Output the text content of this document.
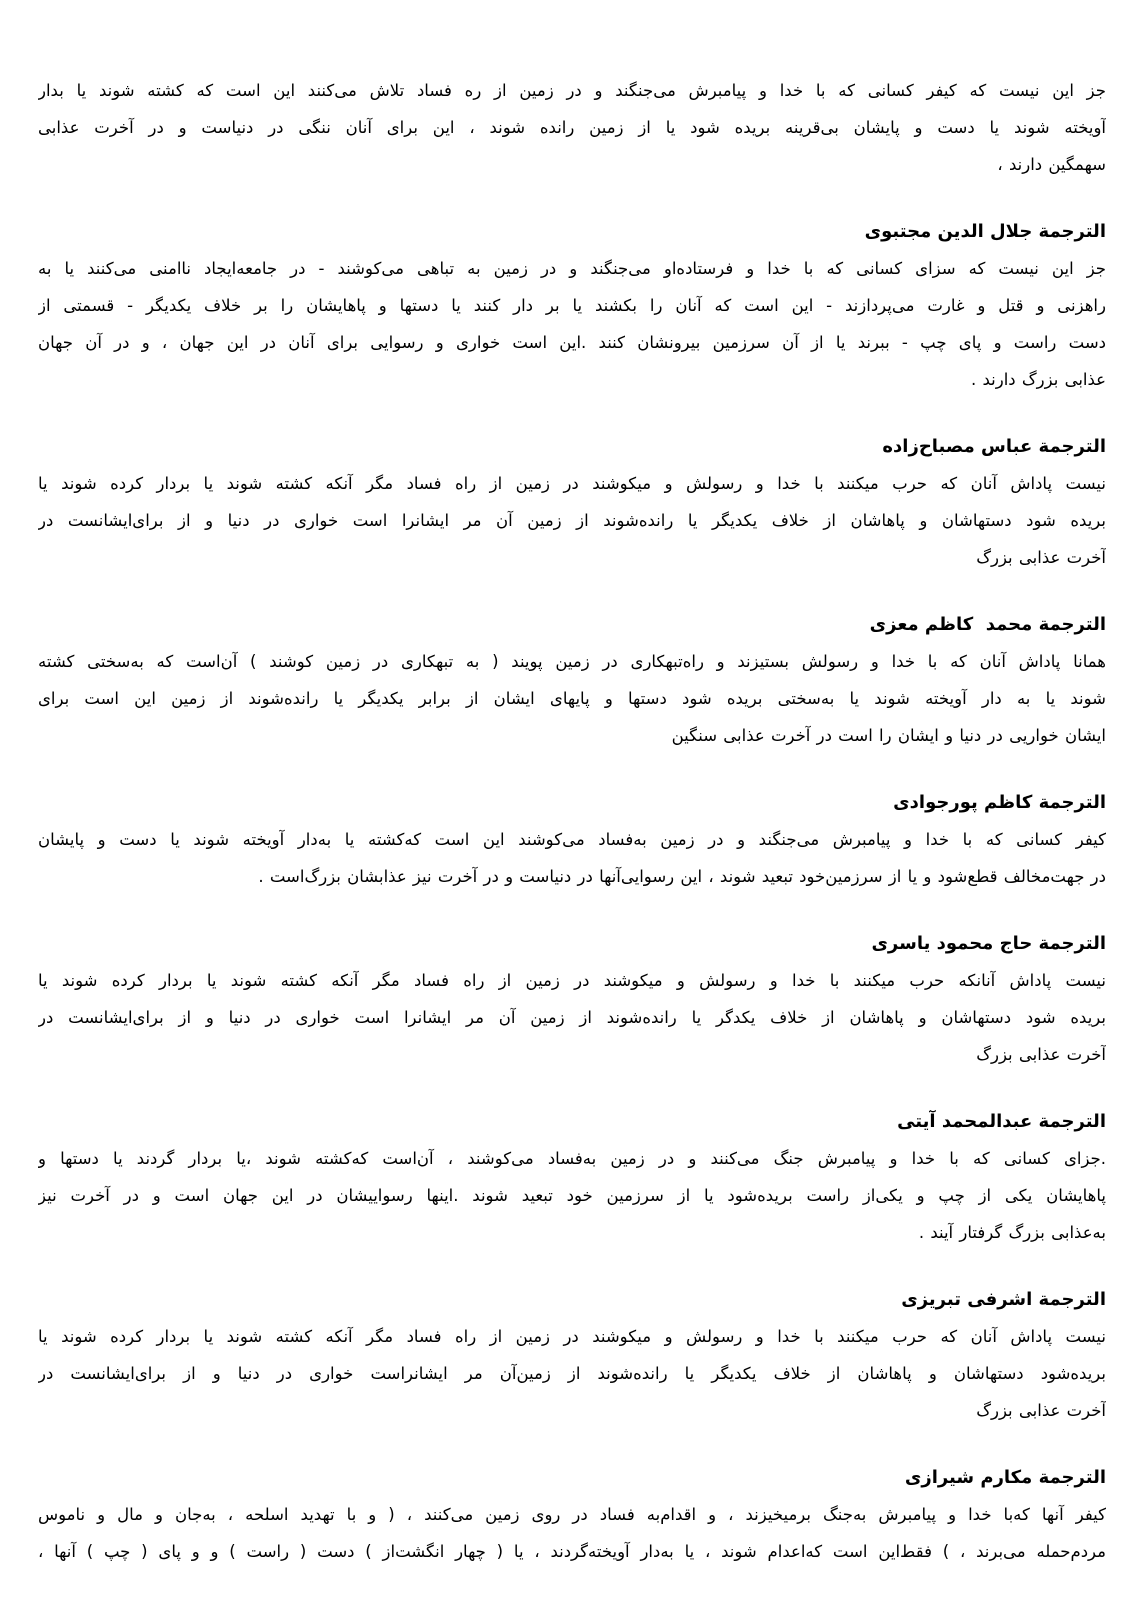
جز این نیست که کیفر کسانی که با خدا و پیامبرش می‌جنگند و در زمین از ره فساد تلاش می‌کنند این است که کشته شوند یا بدار
آویخته شوند یا دست و پایشان بی‌قرینه بریده شود یا از زمین رانده شوند ، این برای آنان ننگی در دنیاست و در آخرت عذابی
سهمگین دارند ،
الترجمة جلال الدین مجتبوی
جز این نیست که سزای کسانی که با خدا و فرستاده‌او می‌جنگند و در زمین به تباهی می‌کوشند - در جامعه‌ایجاد ناامنی می‌کنند یا به
راهزنی و قتل و غارت می‌پردازند - این است که آنان را بکشند یا بر دار کنند یا دستها و پاهایشان را بر خلاف یکدیگر - قسمتی از
دست راست و پای چپ - ببرند یا از آن سرزمین بیرونشان کنند .این است خواری و رسوایی برای آنان در این جهان ، و در آن جهان
عذابی بزرگ دارند .
الترجمة عباس مصباح‌زاده
نیست پاداش آنان که حرب میکنند با خدا و رسولش و میکوشند در زمین از راه فساد مگر آنکه کشته شوند یا بردار کرده شوند یا
بریده شود دستهاشان و پاهاشان از خلاف یکدیگر یا رانده‌شوند از زمین آن مر ایشانرا است خواری در دنیا و از برای‌ایشانست در
آخرت عذابی بزرگ
الترجمة محمد  کاظم معزی
همانا پاداش آنان که با خدا و رسولش بستیزند و راه‌تبهکاری در زمین پویند ( به تبهکاری در زمین کوشند ) آن‌است که به‌سختی کشته
شوند یا به دار آویخته شوند یا به‌سختی بریده شود دستها و پایهای ایشان از برابر یکدیگر یا رانده‌شوند از زمین این است برای
ایشان خواریی در دنیا و ایشان را است در آخرت عذابی سنگین
الترجمة کاظم پورجوادی
کیفر کسانی که با خدا و پیامبرش می‌جنگند و در زمین به‌فساد می‌کوشند این است که‌کشته یا به‌دار آویخته شوند یا دست و پایشان
در جهت‌مخالف قطع‌شود و یا از سرزمین‌خود تبعید شوند ، این رسوایی‌آنها در دنیاست و در آخرت نیز عذابشان بزرگ‌است .
الترجمة حاج محمود یاسری
نیست پاداش آنانکه حرب میکنند با خدا و رسولش و میکوشند در زمین از راه فساد مگر آنکه کشته شوند یا بردار کرده شوند یا
بریده شود دستهاشان و پاهاشان از خلاف یکدگر یا رانده‌شوند از زمین آن مر ایشانرا است خواری در دنیا و از برای‌ایشانست در
آخرت عذابی بزرگ
الترجمة عبدالمحمد آیتی
.جزای کسانی که با خدا و پیامبرش جنگ می‌کنند و در زمین به‌فساد می‌کوشند ، آن‌است که‌کشته شوند ،یا بردار گردند یا دستها و
پاهایشان یکی از چپ و یکی‌از راست بریده‌شود یا از سرزمین خود تبعید شوند .اینها رسواییشان در این جهان است و در آخرت نیز
به‌عذابی بزرگ گرفتار آیند .
الترجمة اشرفی تبریزی
نیست پاداش آنان که حرب میکنند با خدا و رسولش و میکوشند در زمین از راه فساد مگر آنکه کشته شوند یا بردار کرده شوند یا
بریده‌شود دستهاشان و پاهاشان از خلاف یکدیگر یا رانده‌شوند از زمین‌آن مر ایشانراست خواری در دنیا و از برای‌ایشانست در
آخرت عذابی بزرگ
الترجمة مکارم شیرازی
کیفر آنها که‌با خدا و پیامبرش به‌جنگ برمیخیزند ، و اقدام‌به فساد در روی زمین می‌کنند ، ( و با تهدید اسلحه ، به‌جان و مال و ناموس
مردم‌حمله می‌برند ، ) فقط‌این است که‌اعدام شوند ، یا به‌دار آویخته‌گردند ، یا ( چهار انگشت‌از ) دست ( راست ) و و پای ( چپ ) آنها ،
